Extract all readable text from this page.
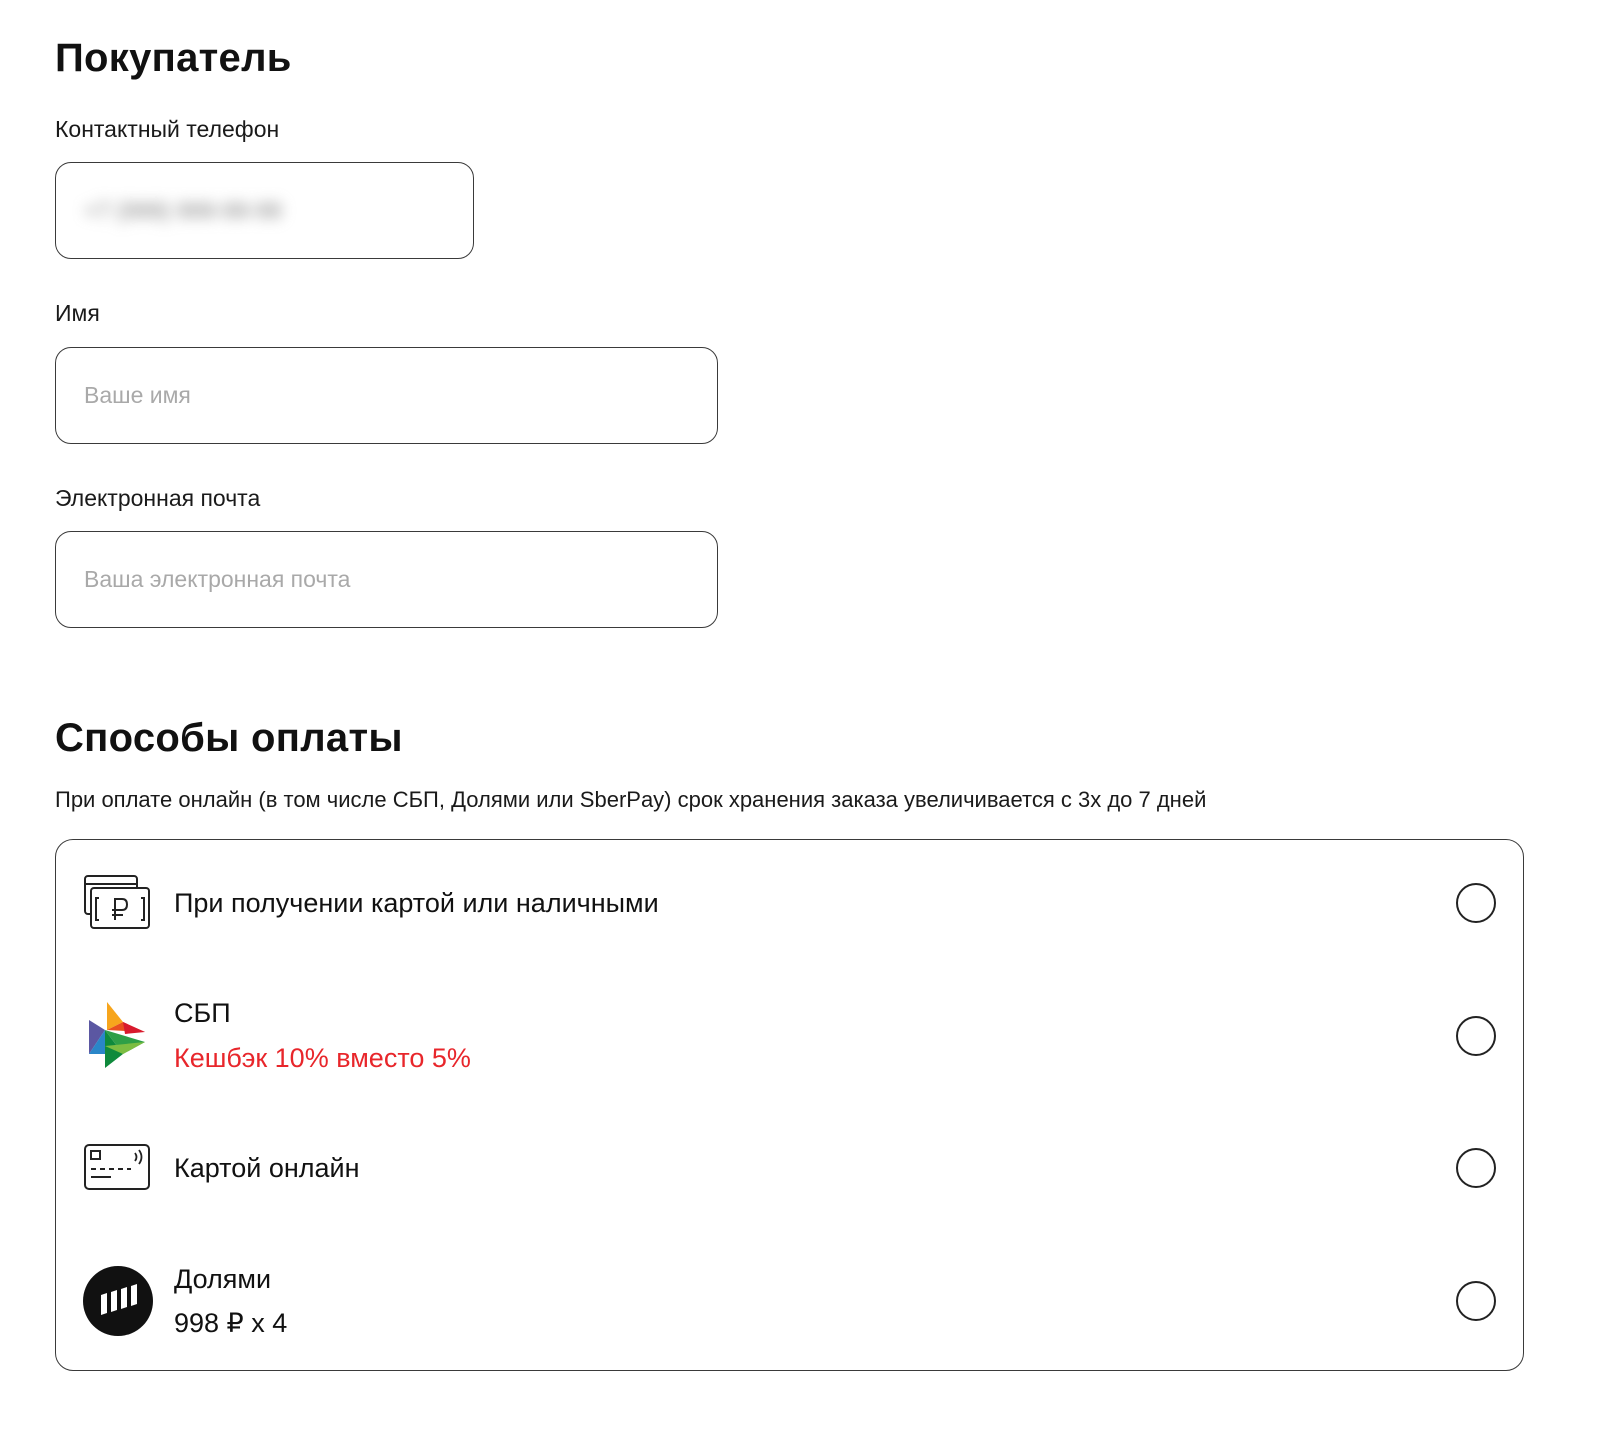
Покупатель
Контактный телефон
+7 (999) 999-99-99
Имя
Ваше имя
Электронная почта
Ваша электронная почта
Способы оплаты
При оплате онлайн (в том числе СБП, Долями или SberPay) срок хранения заказа увеличивается с 3х до 7 дней
При получении картой или наличными
СБП
Кешбэк 10% вместо 5%
Картой онлайн
Долями
998 ₽ x 4
